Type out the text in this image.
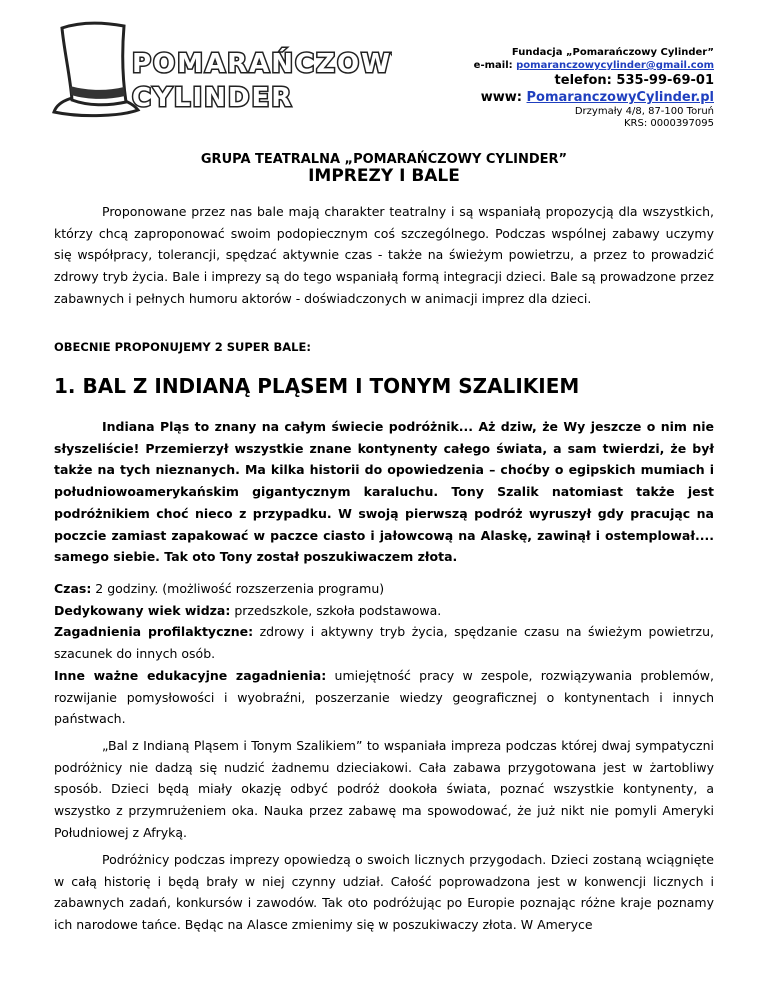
POMARAŃCZOWY
CYLINDER
Fundacja „Pomarańczowy Cylinder”
e-mail: pomaranczowycylinder@gmail.com
telefon: 535-99-69-01
www: PomaranczowyCylinder.pl
Drzymały 4/8, 87-100 Toruń
KRS: 0000397095
GRUPA TEATRALNA „POMARAŃCZOWY CYLINDER”
IMPREZY I BALE

Proponowane przez nas bale mają charakter teatralny i są wspaniałą propozycją dla wszystkich, którzy chcą zaproponować swoim podopiecznym coś szczególnego. Podczas wspólnej zabawy uczymy się współpracy, tolerancji, spędzać aktywnie czas - także na świeżym powietrzu, a przez to prowadzić zdrowy tryb życia. Bale i imprezy są do tego wspaniałą formą integracji dzieci. Bale są prowadzone przez zabawnych i pełnych humoru aktorów - doświadczonych w animacji imprez dla dzieci.

OBECNIE PROPONUJEMY 2 SUPER BALE:
1. BAL Z INDIANĄ PLĄSEM I TONYM SZALIKIEM

Indiana Pląs to znany na całym świecie podróżnik... Aż dziw, że Wy jeszcze o nim nie słyszeliście! Przemierzył wszystkie znane kontynenty całego świata, a sam twierdzi, że był także na tych nieznanych. Ma kilka historii do opowiedzenia – choćby o egipskich mumiach i południowoamerykańskim gigantycznym karaluchu. Tony Szalik natomiast także jest podróżnikiem choć nieco z przypadku. W swoją pierwszą podróż wyruszył gdy pracując na poczcie zamiast zapakować w paczce ciasto i jałowcową na Alaskę, zawinął i ostemplował.... samego siebie. Tak oto Tony został poszukiwaczem złota.

Czas: 2 godziny. (możliwość rozszerzenia programu)

Dedykowany wiek widza: przedszkole, szkoła podstawowa.

Zagadnienia profilaktyczne: zdrowy i aktywny tryb życia, spędzanie czasu na świeżym powietrzu, szacunek do innych osób.

Inne ważne edukacyjne zagadnienia: umiejętność pracy w zespole, rozwiązywania problemów, rozwijanie pomysłowości i wyobraźni, poszerzanie wiedzy geograficznej o kontynentach i innych państwach.

„Bal z Indianą Pląsem i Tonym Szalikiem” to wspaniała impreza podczas której dwaj sympatyczni podróżnicy nie dadzą się nudzić żadnemu dzieciakowi. Cała zabawa przygotowana jest w żartobliwy sposób. Dzieci będą miały okazję odbyć podróż dookoła świata, poznać wszystkie kontynenty, a wszystko z przymrużeniem oka. Nauka przez zabawę ma spowodować, że już nikt nie pomyli Ameryki Południowej z Afryką.

Podróżnicy podczas imprezy opowiedzą o swoich licznych przygodach. Dzieci zostaną wciągnięte w całą historię i będą brały w niej czynny udział. Całość poprowadzona jest w konwencji licznych i zabawnych zadań, konkursów i zawodów. Tak oto podróżując po Europie poznając różne kraje poznamy ich narodowe tańce. Będąc na Alasce zmienimy się w poszukiwaczy złota. W Ameryce
